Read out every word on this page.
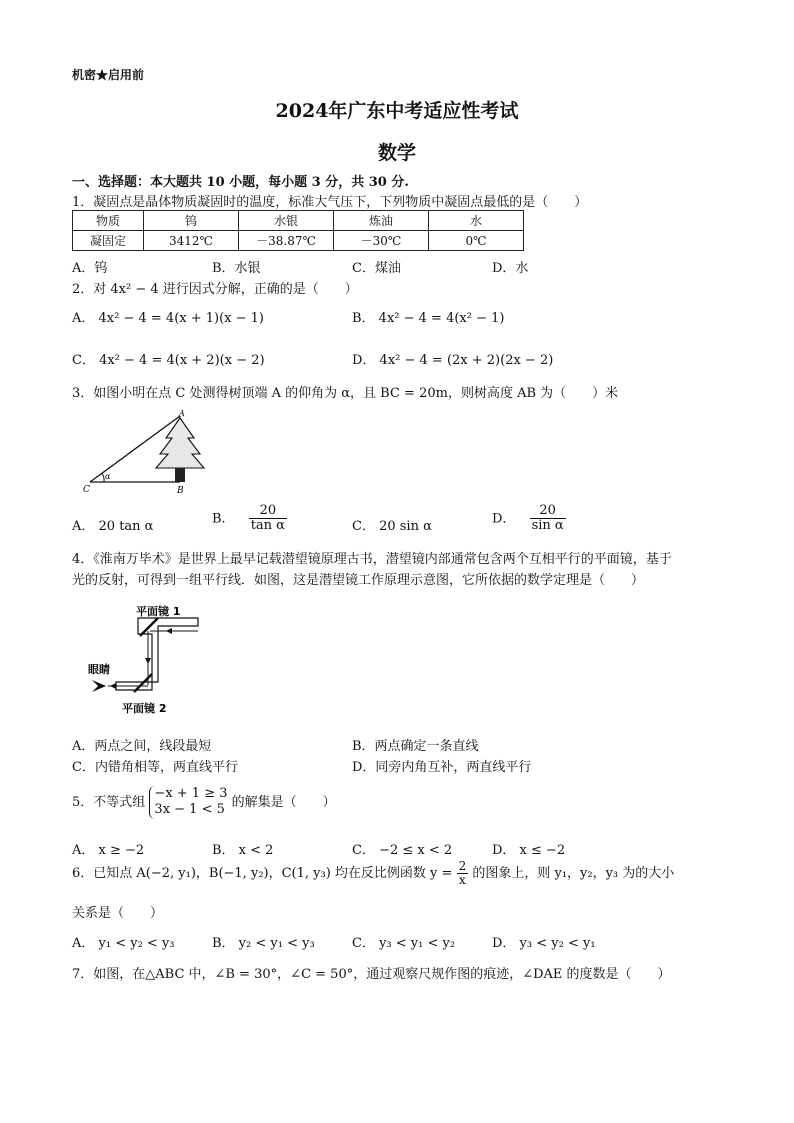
机密★启用前
2024年广东中考适应性考试
数学
一、选择题：本大题共 10 小题，每小题 3 分，共 30 分.
1．凝固点是晶体物质凝固时的温度，标准大气压下，下列物质中凝固点最低的是（　　）
物质	钨	水银	炼油	水
凝固定	3412℃	－38.87℃	－30℃	0℃
A．钨	B．水银	C．煤油	D．水
2．对 4x² − 4 进行因式分解，正确的是（　　）
A． 4x² − 4 = 4(x + 1)(x − 1)	B． 4x² − 4 = 4(x² − 1)
C． 4x² − 4 = 4(x + 2)(x − 2)	D． 4x² − 4 = (2x + 2)(2x − 2)
3．如图小明在点 C 处测得树顶端 A 的仰角为 α，且 BC = 20m，则树高度 AB 为（　　）米
α
C	B
A
A． 20 tan α
B． $\frac{20}{\text{tan α}}$	C． 20 sin α
D． $\frac{20}{\text{sin α}}$
4．《淮南万毕术》是世界上最早记载潜望镜原理古书，潜望镜内部通常包含两个互相平行的平面镜，基于
光的反射，可得到一组平行线．如图，这是潜望镜工作原理示意图，它所依据的数学定理是（　　）
平面镜 1
平面镜 2
眼睛
A．两点之间，线段最短	B．两点确定一条直线
C．内错角相等，两直线平行	D．同旁内角互补，两直线平行
5．不等式组
−x + 1 ≥ 3
3x − 1 < 5 的解集是（　　）
A． x ≥ −2	B． x < 2	C． −2 ≤ x < 2	D． x ≤ −2
6．已知点 A(−2, y₁)，B(−1, y₂)，C(1, y₃) 均在反比例函数 $y = \frac{2}{x}$ 的图象上，则 y₁，y₂，y₃ 为的大小
关系是（　　）
A． y₁ < y₂ < y₃	B． y₂ < y₁ < y₃	C． y₃ < y₁ < y₂	D． y₃ < y₂ < y₁
7．如图，在△ABC 中，∠B = 30°，∠C = 50°，通过观察尺规作图的痕迹，∠DAE 的度数是（　　）
